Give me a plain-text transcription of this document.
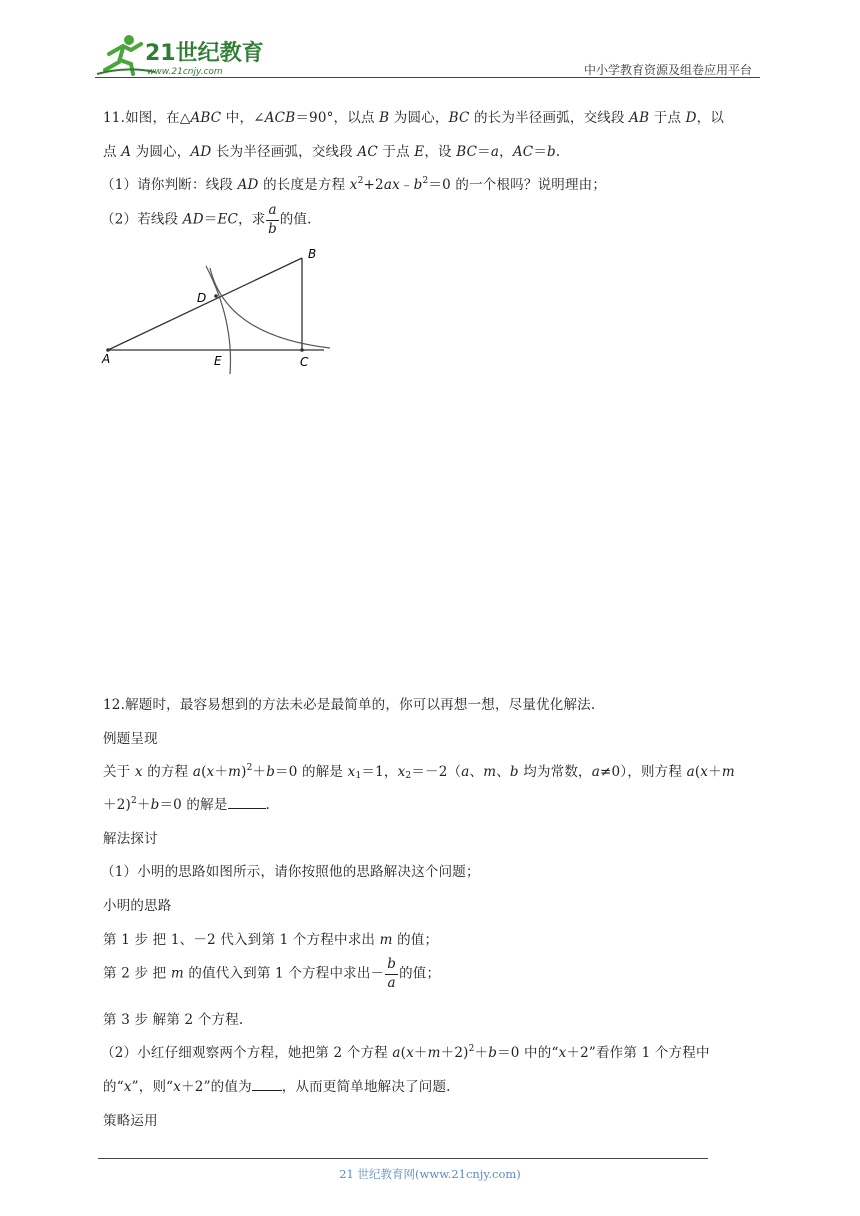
21世纪教育
www.21cnjy.com	中小学教育资源及组卷应用平台
11.如图，在△ABC 中，∠ACB＝90°，以点 B 为圆心，BC 的长为半径画弧，交线段 AB 于点 D，以
点 A 为圆心，AD 长为半径画弧，交线段 AC 于点 E，设 BC＝a，AC＝b.
（1）请你判断：线段 AD 的长度是方程 $x^2+2ax﹣b^2=0$ 的一个根吗？说明理由；
（2）若线段 AD＝EC，求 $\frac{a}{b}$ 的值.
A
B
C
D
E
12.解题时，最容易想到的方法未必是最简单的，你可以再想一想，尽量优化解法.
例题呈现
关于 x 的方程 $a(x+m)^2+b=0$ 的解是 $x_1=1$，$x_2=-2(a$、m、b 均为常数，a≠0），则方程 a(x＋m
＋2)$^2$＋b＝0 的解是	.
解法探讨
（1）小明的思路如图所示，请你按照他的思路解决这个问题；
小明的思路
第 1 步 把 1、－2 代入到第 1 个方程中求出 m 的值；
第 2 步 把 m 的值代入到第 1 个方程中求出－ $\frac{b}{a}$ 的值；
第 3 步 解第 2 个方程.
（2）小红仔细观察两个方程，她把第 2 个方程 $a(x+m+2)^2+b=0$ 中的“x＋2”看作第 1 个方程中
的“x”，则“x＋2”的值为 ，从而更简单地解决了问题.
策略运用
21 世纪教育网(www.21cnjy.com)
